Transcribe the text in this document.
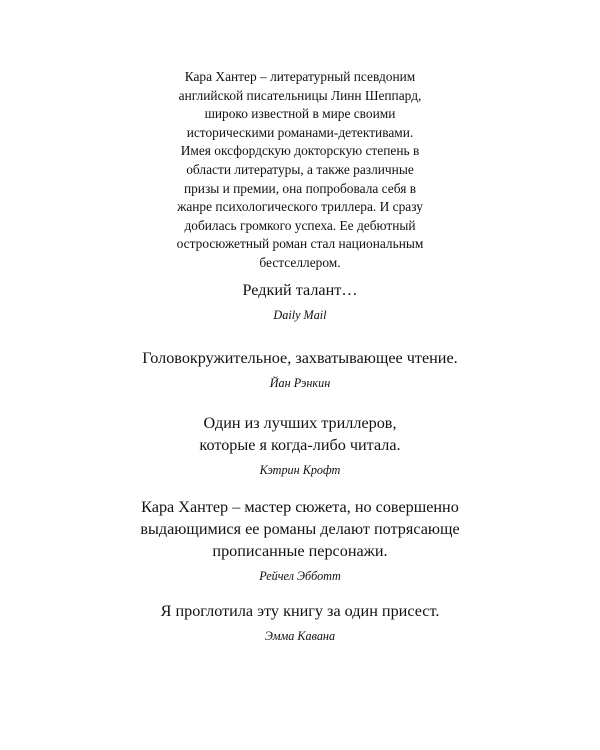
Кара Хантер – литературный псевдоним
английской писательницы Линн Шеппард,
широко известной в мире своими
историческими романами-детективами.
Имея оксфордскую докторскую степень в
области литературы, а также различные
призы и премии, она попробовала себя в
жанре психологического триллера. И сразу
добилась громкого успеха. Ее дебютный
остросюжетный роман стал национальным
бестселлером.

Редкий талант…

Daily Mail

Головокружительное, захватывающее чтение.

Йан Рэнкин

Один из лучших триллеров,
которые я когда-либо читала.

Кэтрин Крофт

Кара Хантер – мастер сюжета, но совершенно
выдающимися ее романы делают потрясающе
прописанные персонажи.

Рейчел Эбботт

Я проглотила эту книгу за один присест.

Эмма Кавана
